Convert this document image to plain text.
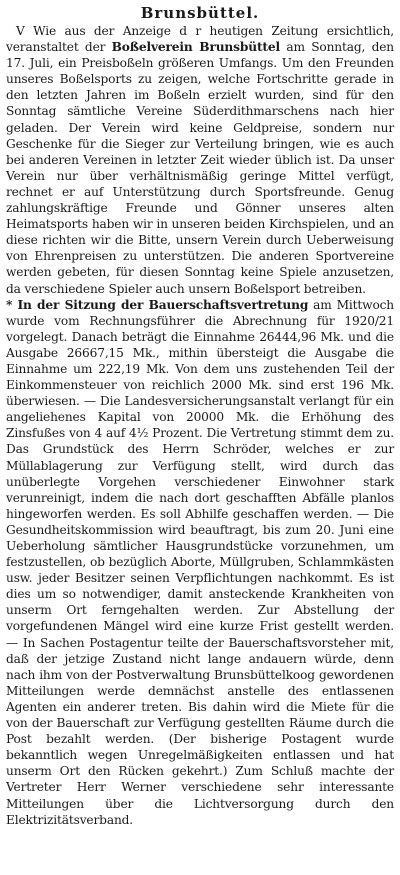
Brunsbüttel.

V Wie aus der Anzeige d r heutigen Zeitung ersichtlich, veranstaltet der Boßelverein Brunsbüttel am Sonntag, den 17. Juli, ein Preisboßeln größeren Umfangs. Um den Freunden unseres Boßelsports zu zeigen, welche Fortschritte gerade in den letzten Jahren im Boßeln erzielt wurden, sind für den Sonntag sämtliche Vereine Süderdithmarschens nach hier geladen. Der Verein wird keine Geldpreise, sondern nur Geschenke für die Sieger zur Verteilung bringen, wie es auch bei anderen Vereinen in letzter Zeit wieder üblich ist. Da unser Verein nur über verhältnismäßig geringe Mittel verfügt, rechnet er auf Unterstützung durch Sportsfreunde. Genug zahlungskräftige Freunde und Gönner unseres alten Heimatsports haben wir in unseren beiden Kirchspielen, und an diese richten wir die Bitte, unsern Verein durch Ueberweisung von Ehrenpreisen zu unterstützen. Die anderen Sportvereine werden gebeten, für diesen Sonntag keine Spiele anzusetzen, da verschiedene Spieler auch unsern Boßelsport betreiben.

* In der Sitzung der Bauerschaftsvertretung am Mittwoch wurde vom Rechnungsführer die Abrechnung für 1920/21 vorgelegt. Danach beträgt die Einnahme 26444,96 Mk. und die Ausgabe 26667,15 Mk., mithin übersteigt die Ausgabe die Einnahme um 222,19 Mk. Von dem uns zustehenden Teil der Einkommensteuer von reichlich 2000 Mk. sind erst 196 Mk. überwiesen. — Die Landesversicherungsanstalt verlangt für ein angeliehenes Kapital von 20000 Mk. die Erhöhung des Zinsfußes von 4 auf 4½ Prozent. Die Vertretung stimmt dem zu. Das Grundstück des Herrn Schröder, welches er zur Müllablagerung zur Verfügung stellt, wird durch das unüberlegte Vorgehen verschiedener Einwohner stark verunreinigt, indem die nach dort geschafften Abfälle planlos hingeworfen werden. Es soll Abhilfe geschaffen werden. — Die Gesundheitskommission wird beauftragt, bis zum 20. Juni eine Ueberholung sämtlicher Hausgrundstücke vorzunehmen, um festzustellen, ob bezüglich Aborte, Müllgruben, Schlammkästen usw. jeder Besitzer seinen Verpflichtungen nachkommt. Es ist dies um so notwendiger, damit ansteckende Krankheiten von unserm Ort ferngehalten werden. Zur Abstellung der vorgefundenen Mängel wird eine kurze Frist gestellt werden. — In Sachen Postagentur teilte der Bauerschaftsvorsteher mit, daß der jetzige Zustand nicht lange andauern würde, denn nach ihm von der Postverwaltung Brunsbüttelkoog gewordenen Mitteilungen werde demnächst anstelle des entlassenen Agenten ein anderer treten. Bis dahin wird die Miete für die von der Bauerschaft zur Verfügung gestellten Räume durch die Post bezahlt werden. (Der bisherige Postagent wurde bekanntlich wegen Unregelmäßigkeiten entlassen und hat unserm Ort den Rücken gekehrt.) Zum Schluß machte der Vertreter Herr Werner verschiedene sehr interessante Mitteilungen über die Lichtversorgung durch den Elektrizitätsverband.
